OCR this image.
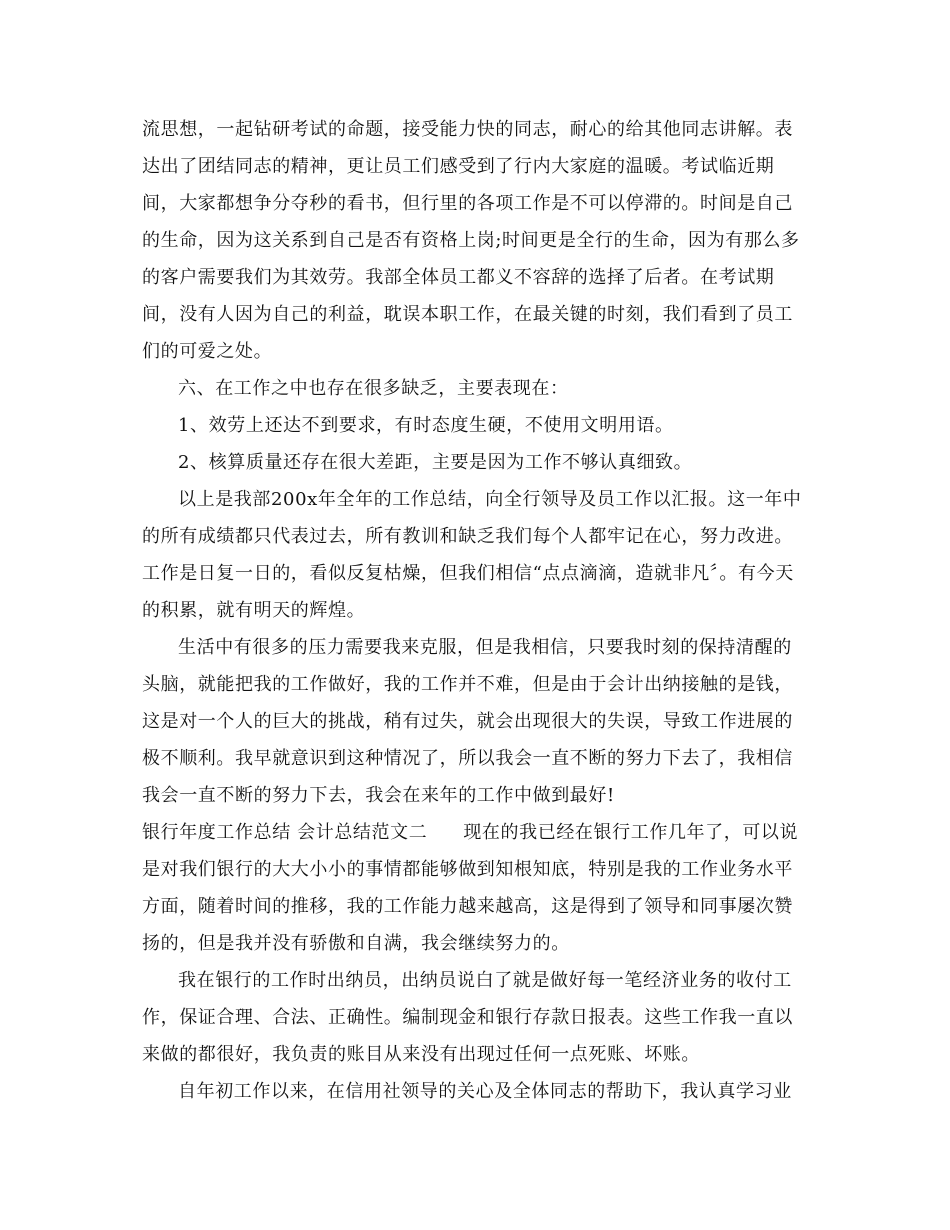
流思想，一起钻研考试的命题，接受能力快的同志，耐心的给其他同志讲解。表
达出了团结同志的精神，更让员工们感受到了行内大家庭的温暖。考试临近期
间，大家都想争分夺秒的看书，但行里的各项工作是不可以停滞的。时间是自己
的生命，因为这关系到自己是否有资格上岗;时间更是全行的生命，因为有那么多
的客户需要我们为其效劳。我部全体员工都义不容辞的选择了后者。在考试期
间，没有人因为自己的利益，耽误本职工作，在最关键的时刻，我们看到了员工
们的可爱之处。
六、在工作之中也存在很多缺乏，主要表现在：
1、效劳上还达不到要求，有时态度生硬，不使用文明用语。
2、核算质量还存在很大差距，主要是因为工作不够认真细致。
以上是我部200x年全年的工作总结，向全行领导及员工作以汇报。这一年中
的所有成绩都只代表过去，所有教训和缺乏我们每个人都牢记在心，努力改进。
工作是日复一日的，看似反复枯燥，但我们相信“点点滴滴，造就非凡〞。有今天
的积累，就有明天的辉煌。
生活中有很多的压力需要我来克服，但是我相信，只要我时刻的保持清醒的
头脑，就能把我的工作做好，我的工作并不难，但是由于会计出纳接触的是钱，
这是对一个人的巨大的挑战，稍有过失，就会出现很大的失误，导致工作进展的
极不顺利。我早就意识到这种情况了，所以我会一直不断的努力下去了，我相信
我会一直不断的努力下去，我会在来年的工作中做到最好!
银行年度工作总结 会计总结范文二 现在的我已经在银行工作几年了，可以说
是对我们银行的大大小小的事情都能够做到知根知底，特别是我的工作业务水平
方面，随着时间的推移，我的工作能力越来越高，这是得到了领导和同事屡次赞
扬的，但是我并没有骄傲和自满，我会继续努力的。
我在银行的工作时出纳员，出纳员说白了就是做好每一笔经济业务的收付工
作，保证合理、合法、正确性。编制现金和银行存款日报表。这些工作我一直以
来做的都很好，我负责的账目从来没有出现过任何一点死账、坏账。
自年初工作以来，在信用社领导的关心及全体同志的帮助下，我认真学习业
